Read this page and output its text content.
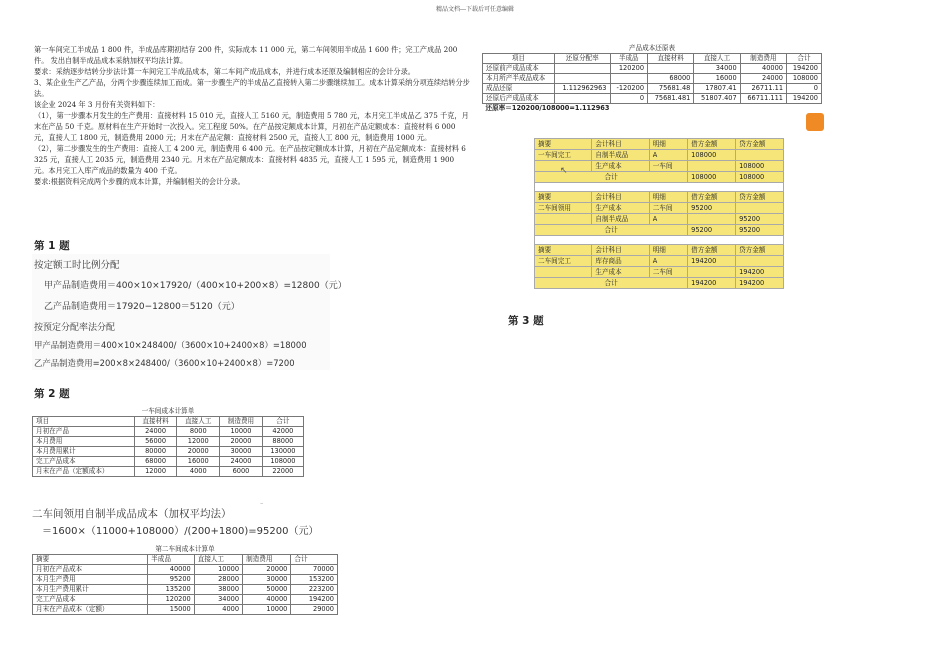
精品文档---下载后可任意编辑

第一车间完工半成品 1 800 件，半成品库期初结存 200 件，实际成本 11 000 元，第二车间领用半成品 1 600 件；完工产成品 200 件。 发出自制半成品成本采纳加权平均法计算。

要求：采纳逐步结转分步法计算一车间完工半成品成本，第二车间产成品成本，并进行成本还原及编制相应的会计分录。

3、某企业生产乙产品，分两个步骤连续加工而成。第一步骤生产的半成品乙直接转入第二步骤继续加工。成本计算采纳分项连续结转分步法。

该企业 2024 年 3 月份有关资料如下：

（1），第一步骤本月发生的生产费用：直接材料 15 010 元，直接人工 5160 元，制造费用 5 780 元，本月完工半成品乙 375 千克，月末在产品 50 千克。原材料在生产开始时一次投入。完工程度 50%。在产品按定额成本计算，月初在产品定额成本：直接材料 6 000 元，直接人工 1800 元，制造费用 2000 元；月末在产品定额：直接材料 2500 元，直接人工 800 元，制造费用 1000 元。

（2），第二步骤发生的生产费用：直接人工 4 200 元，制造费用 6 400 元。在产品按定额成本计算，月初在产品定额成本：直接材料 6 325 元，直接人工 2035 元，制造费用 2340 元。月末在产品定额成本：直接材料 4835 元，直接人工 1 595 元，制造费用 1 900 元。本月完工入库产成品的数量为 400 千克。

要求:根据资料完成两个步骤的成本计算，并编制相关的会计分录。

第 1 题
按定额工时比例分配
甲产品制造费用＝400×10×17920/（400×10+200×8）=12800（元）
乙产品制造费用＝17920−12800＝5120（元）
按预定分配率法分配
甲产品制造费用＝400×10×248400/（3600×10+2400×8）=18000
乙产品制造费用=200×8×248400/（3600×10+2400×8）=7200
第 2 题
一车间成本计算单				
项目	直接材料	直接人工	制造费用	合计
月初在产品	24000	8000	10000	42000
本月费用	56000	12000	20000	88000
本月费用累计	80000	20000	30000	130000
完工产品成本	68000	16000	24000	108000
月末在产品（定额成本）	12000	4000	6000	22000
二车间领用自制半成品成本（加权平均法）
＝1600×（11000+108000）/(200+1800)=95200（元）
第二车间成本计算单				
摘要	半成品	直接人工	制造费用	合计
月初在产品成本	40000	10000	20000	70000
本月生产费用	95200	28000	30000	153200
本月生产费用累计	135200	38000	50000	223200
完工产品成本	120200	34000	40000	194200
月末在产品成本（定额）	15000	4000	10000	29000
产品成本还原表						
项目	还原分配率	半成品	直接材料	直接人工	制造费用	合计
还原前产成品成本		120200		34000	40000	194200
本月所产半成品成本			68000	16000	24000	108000
成品还原	1.112962963	-120200	75681.48	17807.41	26711.11	0
还原后产成品成本		0	75681.481	51807.407	66711.111	194200
还原率＝120200/108000=1.112963						
摘要	会计科目	明细	借方金额	贷方金额
一车间完工	自制半成品	A	108000	
	生产成本	一车间		108000
合计			108000	108000

摘要	会计科目	明细	借方金额	贷方金额
二车间领用	生产成本	二车间	95200	
	自制半成品	A		95200
合计			95200	95200

摘要	会计科目	明细	借方金额	贷方金额
二车间完工	库存商品	A	194200	
	生产成本	二车间		194200
合计			194200	194200
↖
第 3 题
